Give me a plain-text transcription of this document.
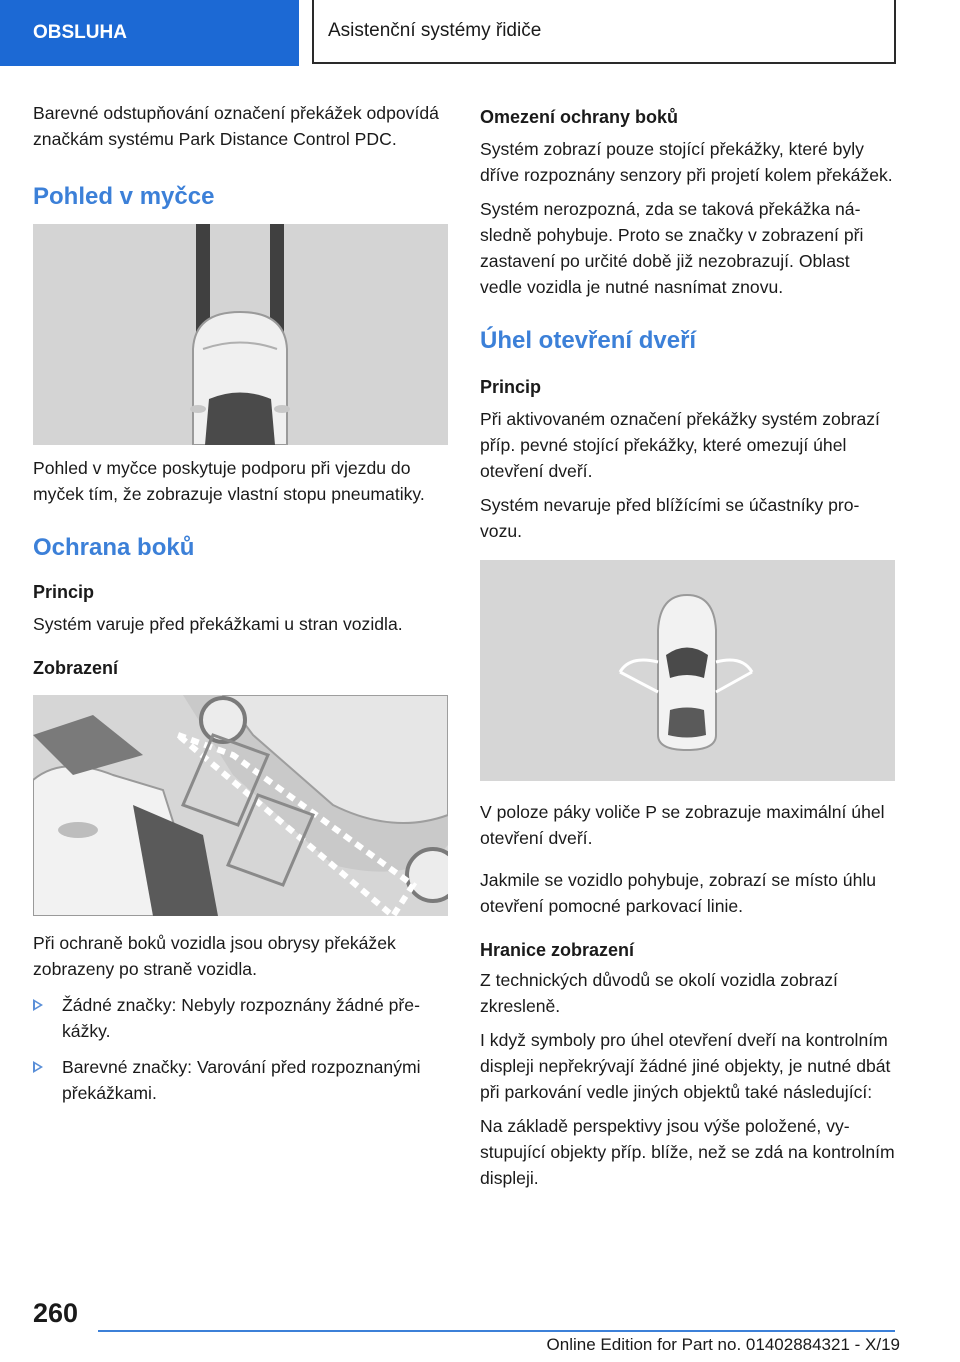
OBSLUHA	Asistenční systémy řidiče

Barevné odstupňování označení překážek odpovídá značkám systému Park Distance Control PDC.

Pohled v myčce

Pohled v myčce poskytuje podporu při vjezdu do myček tím, že zobrazuje vlastní stopu pneumatiky.

Ochrana boků
Princip

Systém varuje před překážkami u stran vozidla.

Zobrazení

Při ochraně boků vozidla jsou obrysy překážek zobrazeny po straně vozidla.

Žádné značky: Nebyly rozpoznány žádné překážky.
Barevné značky: Varování před rozpoznanými překážkami.
Omezení ochrany boků

Systém zobrazí pouze stojící překážky, které byly dříve rozpoznány senzory při projetí kolem překážek.

Systém nerozpozná, zda se taková překážka následně pohybuje. Proto se značky v zobrazení při zastavení po určité době již nezobrazují. Oblast vedle vozidla je nutné nasnímat znovu.

Úhel otevření dveří
Princip

Při aktivovaném označení překážky systém zobrazí příp. pevné stojící překážky, které omezují úhel otevření dveří.

Systém nevaruje před blížícími se účastníky provozu.

V poloze páky voliče P se zobrazuje maximální úhel otevření dveří.

Jakmile se vozidlo pohybuje, zobrazí se místo úhlu otevření pomocné parkovací linie.

Hranice zobrazení

Z technických důvodů se okolí vozidla zobrazí zkresleně.

I když symboly pro úhel otevření dveří na kontrolním displeji nepřekrývají žádné jiné objekty, je nutné dbát při parkování vedle jiných objektů také následující:

Na základě perspektivy jsou výše položené, vystupující objekty příp. blíže, než se zdá na kontrolním displeji.

260
Online Edition for Part no. 01402884321 - X/19
